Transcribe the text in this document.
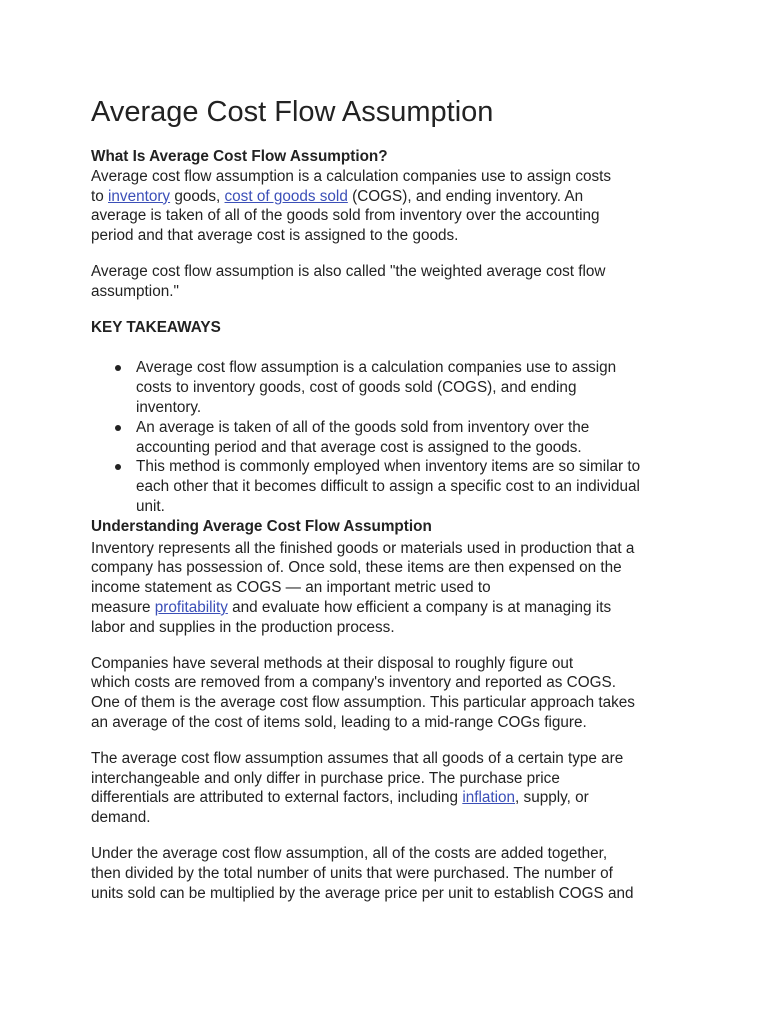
Average Cost Flow Assumption
What Is Average Cost Flow Assumption?
Average cost flow assumption is a calculation companies use to assign costs
to inventory goods, cost of goods sold (COGS), and ending inventory. An
average is taken of all of the goods sold from inventory over the accounting
period and that average cost is assigned to the goods.
Average cost flow assumption is also called "the weighted average cost flow
assumption."
KEY TAKEAWAYS
Average cost flow assumption is a calculation companies use to assign
costs to inventory goods, cost of goods sold (COGS), and ending
inventory.
An average is taken of all of the goods sold from inventory over the
accounting period and that average cost is assigned to the goods.
This method is commonly employed when inventory items are so similar to
each other that it becomes difficult to assign a specific cost to an individual
unit.
Understanding Average Cost Flow Assumption
Inventory represents all the finished goods or materials used in production that a
company has possession of. Once sold, these items are then expensed on the
income statement as COGS — an important metric used to
measure profitability and evaluate how efficient a company is at managing its
labor and supplies in the production process.
Companies have several methods at their disposal to roughly figure out
which costs are removed from a company's inventory and reported as COGS.
One of them is the average cost flow assumption. This particular approach takes
an average of the cost of items sold, leading to a mid-range COGs figure.
The average cost flow assumption assumes that all goods of a certain type are
interchangeable and only differ in purchase price. The purchase price
differentials are attributed to external factors, including inflation, supply, or
demand.
Under the average cost flow assumption, all of the costs are added together,
then divided by the total number of units that were purchased. The number of
units sold can be multiplied by the average price per unit to establish COGS and
